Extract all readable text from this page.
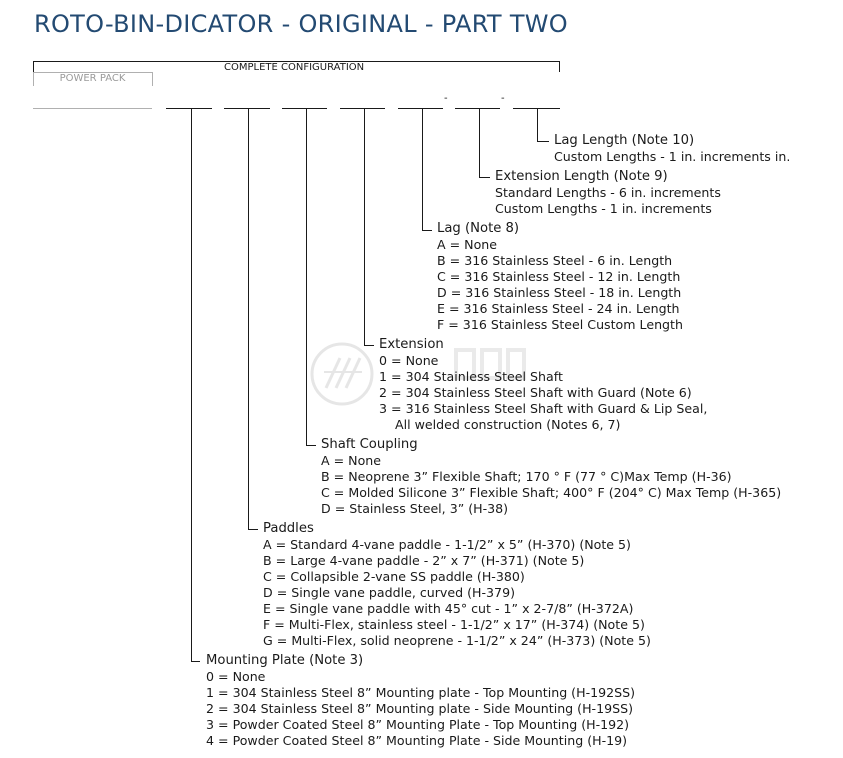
ROTO-BIN-DICATOR - ORIGINAL - PART TWO
COMPLETE CONFIGURATION
POWER PACK
-	-
Lag Length (Note 10)
Custom Lengths - 1 in. increments in.
Extension Length (Note 9)
Standard Lengths - 6 in. increments
Custom Lengths - 1 in. increments
Lag (Note 8)
A = None
B = 316 Stainless Steel - 6 in. Length
C = 316 Stainless Steel - 12 in. Length
D = 316 Stainless Steel - 18 in. Length
E = 316 Stainless Steel - 24 in. Length
F = 316 Stainless Steel Custom Length
Extension
0 = None
1 = 304 Stainless Steel Shaft
2 = 304 Stainless Steel Shaft with Guard (Note 6)
3 = 316 Stainless Steel Shaft with Guard & Lip Seal,
All welded construction (Notes 6, 7)
Shaft Coupling
A = None
B = Neoprene 3” Flexible Shaft; 170 ° F (77 ° C)Max Temp (H-36)
C = Molded Silicone 3” Flexible Shaft; 400° F (204° C) Max Temp (H-365)
D = Stainless Steel, 3” (H-38)
Paddles
A = Standard 4-vane paddle - 1-1/2” x 5” (H-370) (Note 5)
B = Large 4-vane paddle - 2” x 7” (H-371) (Note 5)
C = Collapsible 2-vane SS paddle (H-380)
D = Single vane paddle, curved (H-379)
E = Single vane paddle with 45° cut - 1” x 2-7/8” (H-372A)
F = Multi-Flex, stainless steel - 1-1/2” x 17” (H-374) (Note 5)
G = Multi-Flex, solid neoprene - 1-1/2” x 24” (H-373) (Note 5)
Mounting Plate (Note 3)
0 = None
1 = 304 Stainless Steel 8” Mounting plate - Top Mounting (H-192SS)
2 = 304 Stainless Steel 8” Mounting plate - Side Mounting (H-19SS)
3 = Powder Coated Steel 8” Mounting Plate - Top Mounting (H-192)
4 = Powder Coated Steel 8” Mounting Plate - Side Mounting (H-19)
